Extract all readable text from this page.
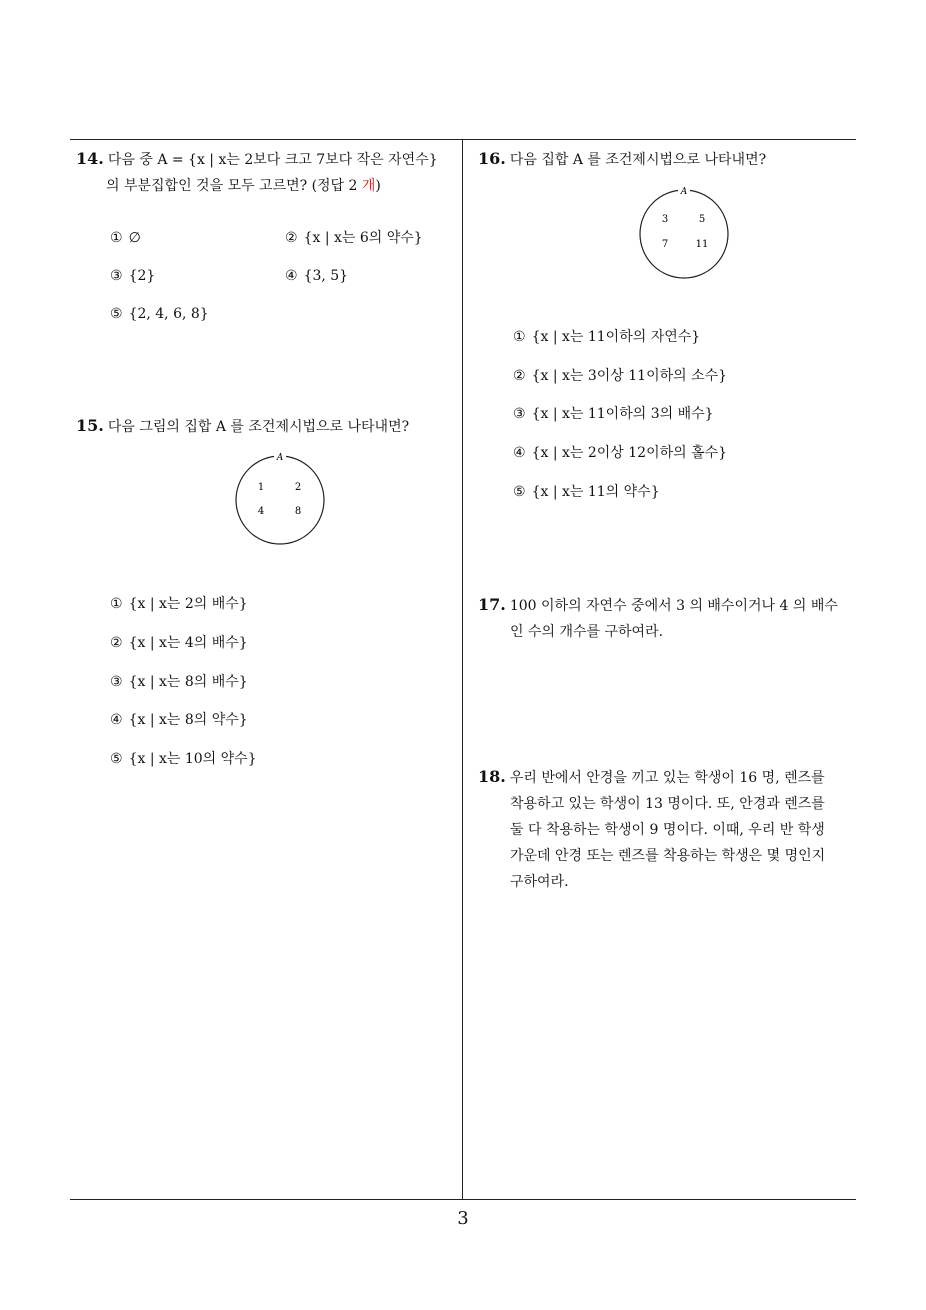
14. 다음 중 A = {x | x는 2보다 크고 7보다 작은 자연수}
의 부분집합인 것을 모두 고르면? (정답 2 개)
① ∅	② {x | x는 6의 약수}
③ {2}	④ {3, 5}
⑤ {2, 4, 6, 8}
15. 다음 그림의 집합 A 를 조건제시법으로 나타내면?
A
1	2
4	8
① {x | x는 2의 배수}
② {x | x는 4의 배수}
③ {x | x는 8의 배수}
④ {x | x는 8의 약수}
⑤ {x | x는 10의 약수}
16. 다음 집합 A 를 조건제시법으로 나타내면?
A
3	5
7	11
① {x | x는 11이하의 자연수}
② {x | x는 3이상 11이하의 소수}
③ {x | x는 11이하의 3의 배수}
④ {x | x는 2이상 12이하의 홀수}
⑤ {x | x는 11의 약수}
17. 100 이하의 자연수 중에서 3 의 배수이거나 4 의 배수
인 수의 개수를 구하여라.
18. 우리 반에서 안경을 끼고 있는 학생이 16 명, 렌즈를
착용하고 있는 학생이 13 명이다. 또, 안경과 렌즈를
둘 다 착용하는 학생이 9 명이다. 이때, 우리 반 학생
가운데 안경 또는 렌즈를 착용하는 학생은 몇 명인지
구하여라.
3
